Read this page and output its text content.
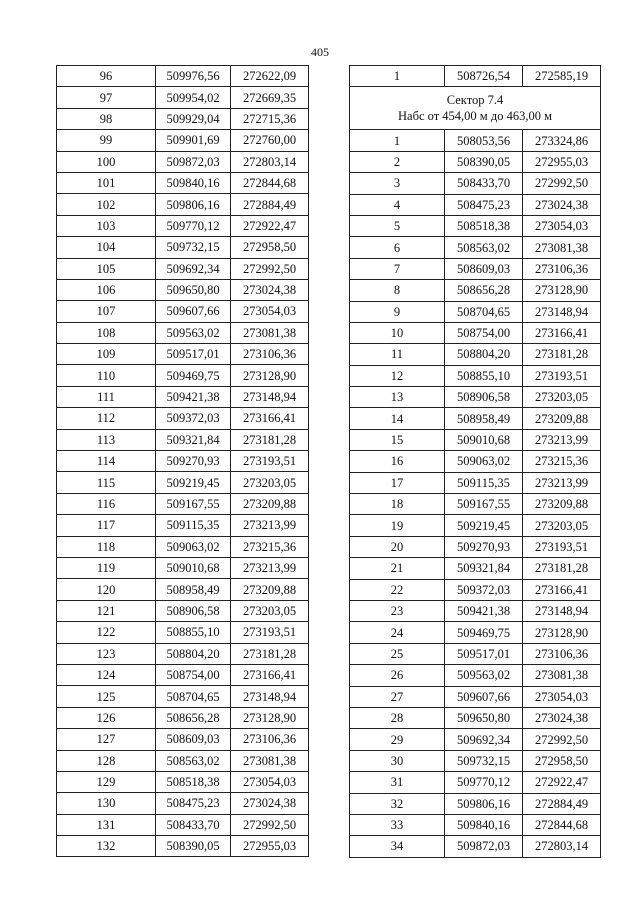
405
96	509976,56	272622,09
97	509954,02	272669,35
98	509929,04	272715,36
99	509901,69	272760,00
100	509872,03	272803,14
101	509840,16	272844,68
102	509806,16	272884,49
103	509770,12	272922,47
104	509732,15	272958,50
105	509692,34	272992,50
106	509650,80	273024,38
107	509607,66	273054,03
108	509563,02	273081,38
109	509517,01	273106,36
110	509469,75	273128,90
111	509421,38	273148,94
112	509372,03	273166,41
113	509321,84	273181,28
114	509270,93	273193,51
115	509219,45	273203,05
116	509167,55	273209,88
117	509115,35	273213,99
118	509063,02	273215,36
119	509010,68	273213,99
120	508958,49	273209,88
121	508906,58	273203,05
122	508855,10	273193,51
123	508804,20	273181,28
124	508754,00	273166,41
125	508704,65	273148,94
126	508656,28	273128,90
127	508609,03	273106,36
128	508563,02	273081,38
129	508518,38	273054,03
130	508475,23	273024,38
131	508433,70	272992,50
132	508390,05	272955,03
1	508726,54	272585,19

Сектор 7.4
Набс от 454,00 м до 463,00 м		

1	508053,56	273324,86
2	508390,05	272955,03
3	508433,70	272992,50
4	508475,23	273024,38
5	508518,38	273054,03
6	508563,02	273081,38
7	508609,03	273106,36
8	508656,28	273128,90
9	508704,65	273148,94
10	508754,00	273166,41
11	508804,20	273181,28
12	508855,10	273193,51
13	508906,58	273203,05
14	508958,49	273209,88
15	509010,68	273213,99
16	509063,02	273215,36
17	509115,35	273213,99
18	509167,55	273209,88
19	509219,45	273203,05
20	509270,93	273193,51
21	509321,84	273181,28
22	509372,03	273166,41
23	509421,38	273148,94
24	509469,75	273128,90
25	509517,01	273106,36
26	509563,02	273081,38
27	509607,66	273054,03
28	509650,80	273024,38
29	509692,34	272992,50
30	509732,15	272958,50
31	509770,12	272922,47
32	509806,16	272884,49
33	509840,16	272844,68
34	509872,03	272803,14
